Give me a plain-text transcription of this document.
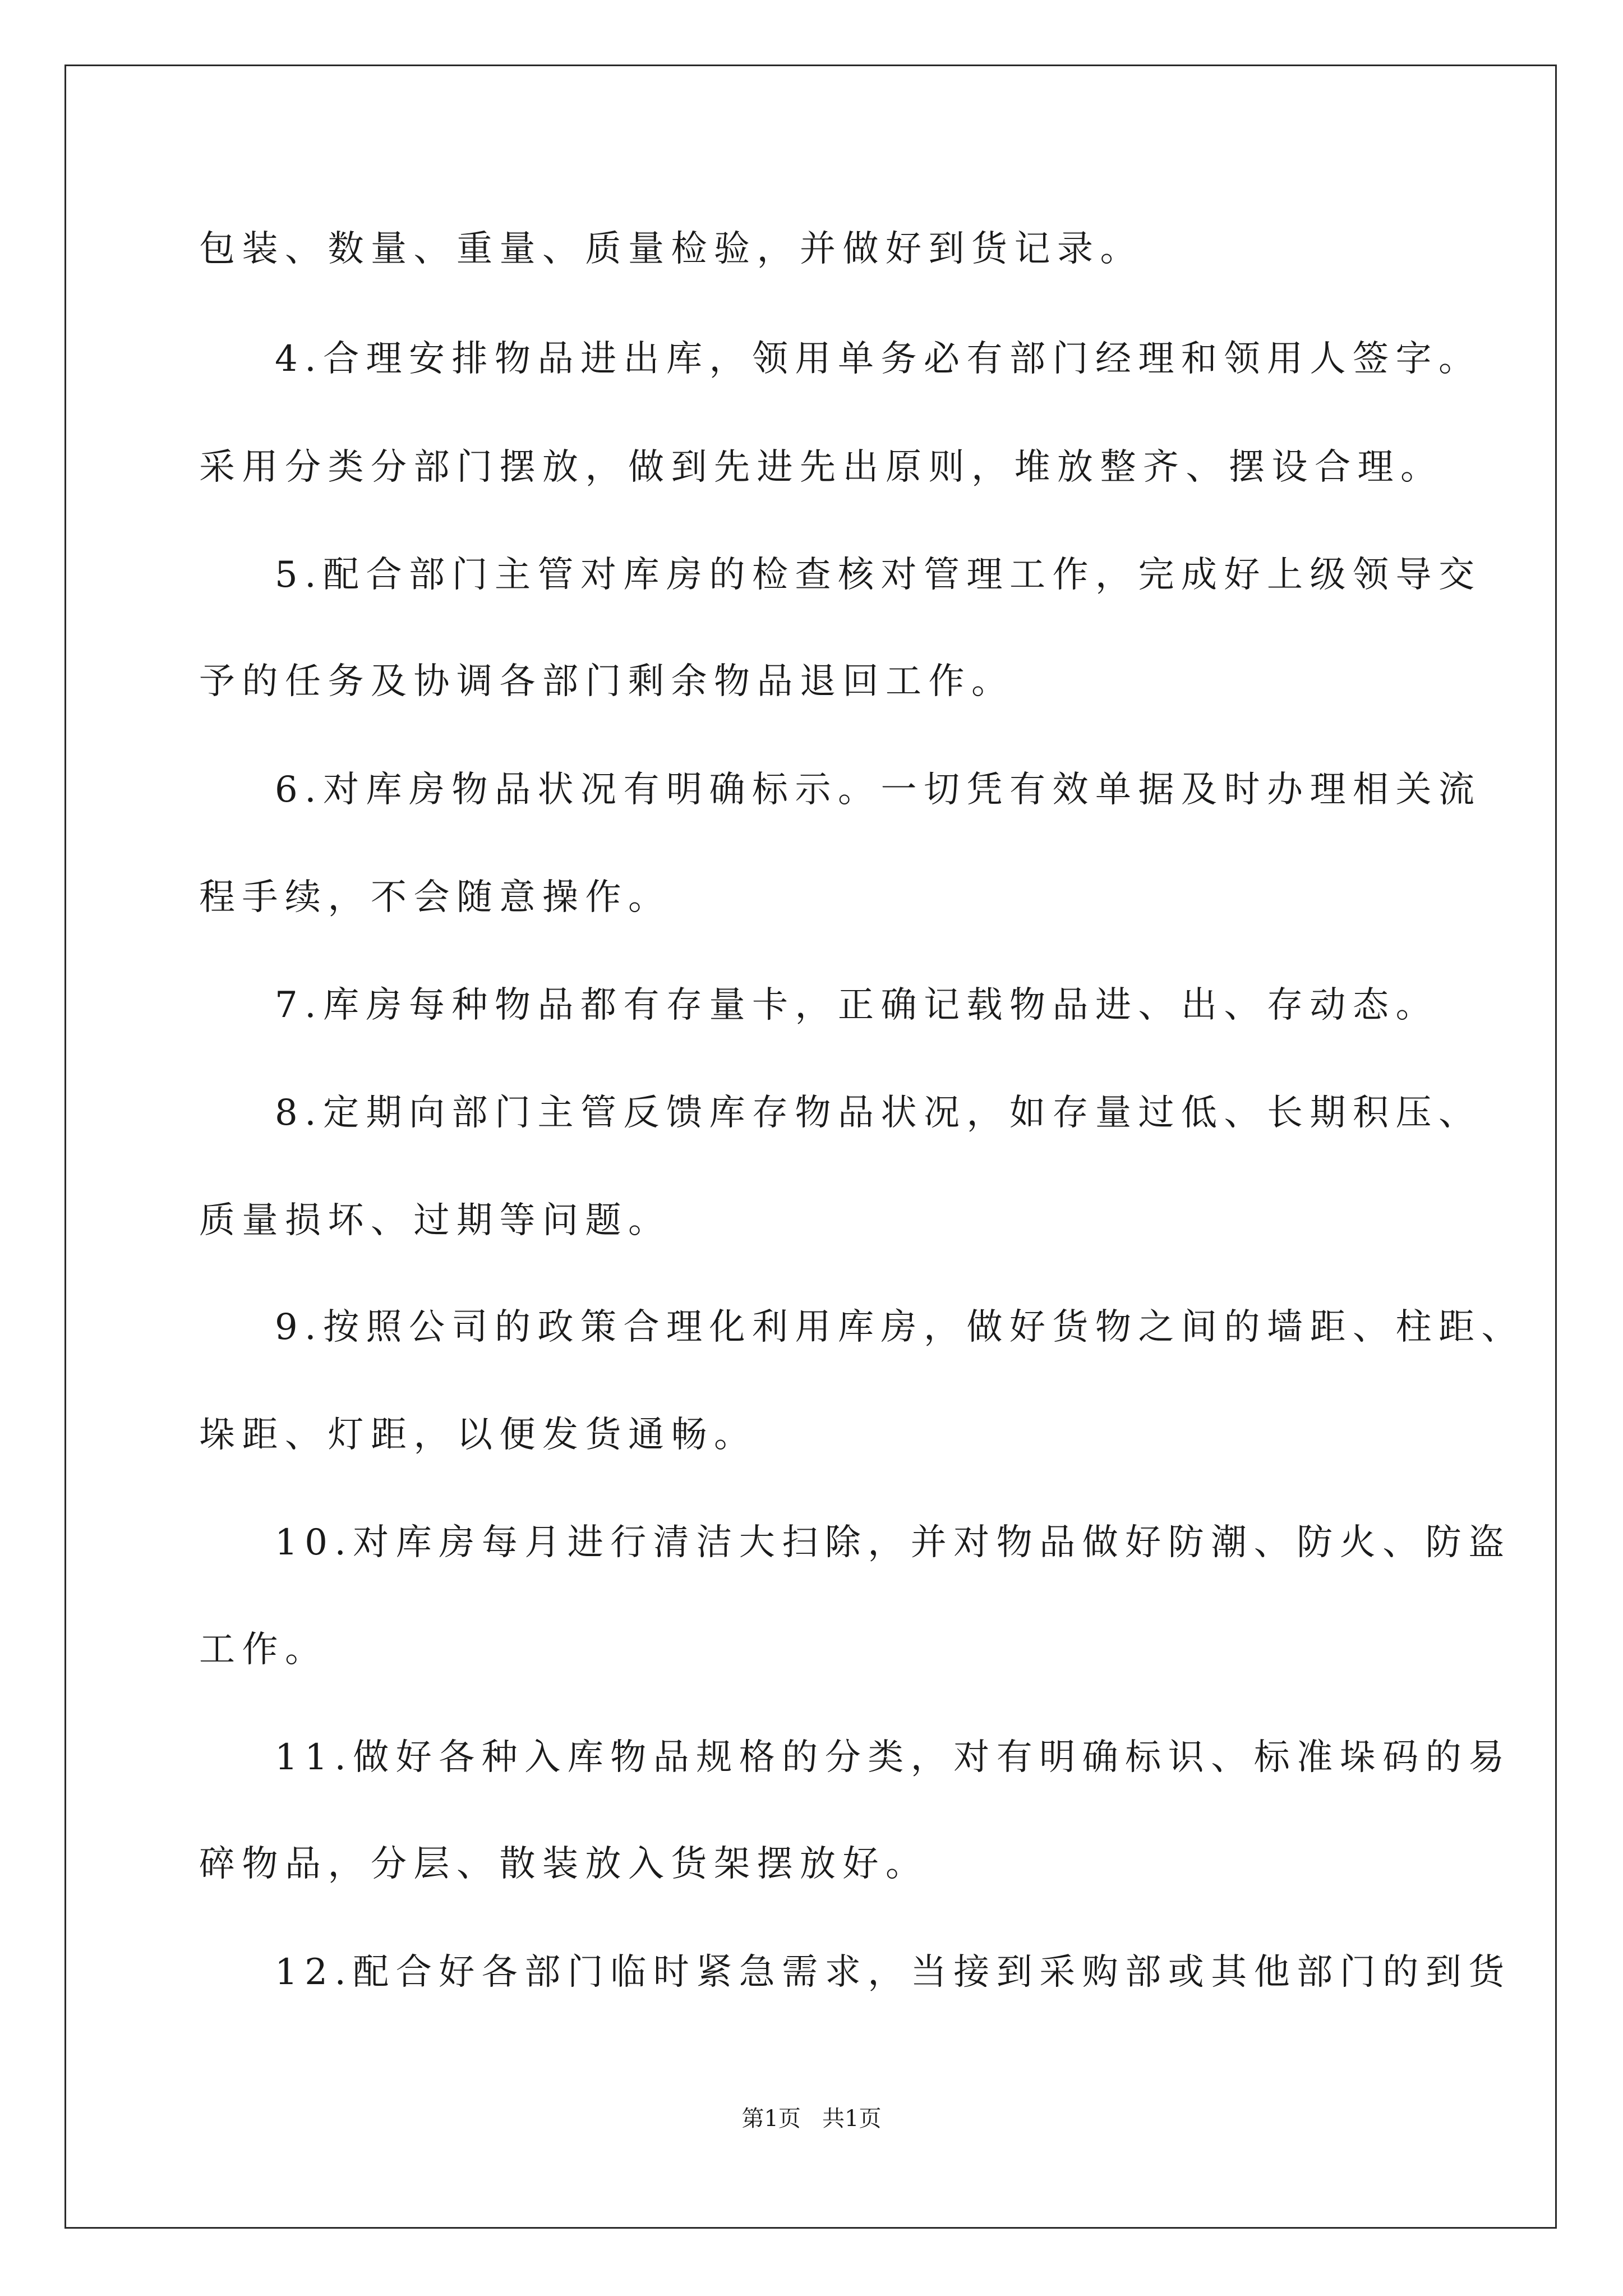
包装、数量、重量、质量检验，并做好到货记录。
4.合理安排物品进出库，领用单务必有部门经理和领用人签字。
采用分类分部门摆放，做到先进先出原则，堆放整齐、摆设合理。
5.配合部门主管对库房的检查核对管理工作，完成好上级领导交
予的任务及协调各部门剩余物品退回工作。
6.对库房物品状况有明确标示。一切凭有效单据及时办理相关流
程手续，不会随意操作。
7.库房每种物品都有存量卡，正确记载物品进、出、存动态。
8.定期向部门主管反馈库存物品状况，如存量过低、长期积压、
质量损坏、过期等问题。
9.按照公司的政策合理化利用库房，做好货物之间的墙距、柱距、
垛距、灯距，以便发货通畅。
10.对库房每月进行清洁大扫除，并对物品做好防潮、防火、防盗
工作。
11.做好各种入库物品规格的分类，对有明确标识、标准垛码的易
碎物品，分层、散装放入货架摆放好。
12.配合好各部门临时紧急需求，当接到采购部或其他部门的到货
第1页   共1页
